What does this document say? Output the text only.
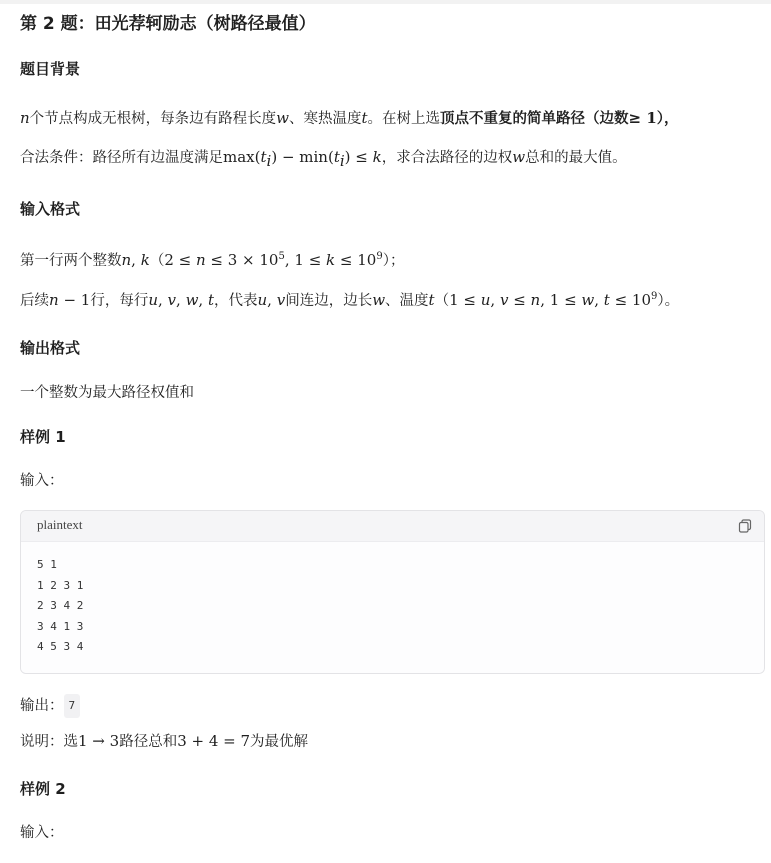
第 2 题：田光荐轲励志（树路径最值）
题目背景
n个节点构成无根树，每条边有路程长度w、寒热温度t。在树上选顶点不重复的简单路径（边数≥ 1），
合法条件：路径所有边温度满足$\max(t_i) - \min(t_i) \le k$，求合法路径的边权w总和的最大值。
输入格式
第一行两个整数n, $k(2 \le n \le 3 \times 10^5$, $1 \le k \le 10^9$）；
后续n − 1行，每行u, v, w, t，代表u, v间连边，边长w、温度t（1 ≤ u, v ≤ n, 1 ≤ w, $t \le 10^9$）。
输出格式
一个整数为最大路径权值和
样例 1
输入：
plaintext
5 1
1 2 3 1
2 3 4 2
3 4 1 3
4 5 3 4
输出： 7
说明：选1 → 3路径总和3 + 4 = 7为最优解
样例 2
输入：
